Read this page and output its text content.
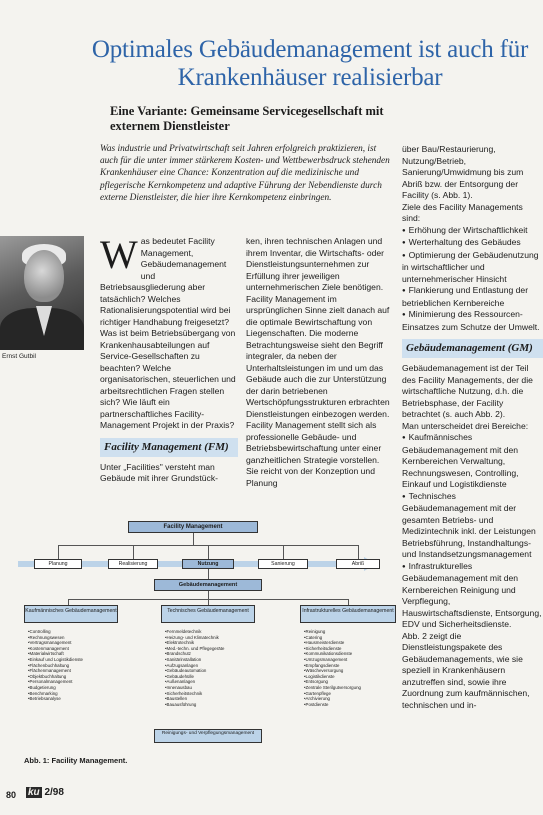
Optimales Gebäudemanagement ist auch für Krankenhäuser realisierbar
Eine Variante: Gemeinsame Servicegesellschaft mit externem Dienstleister
Was industrie und Privatwirtschaft seit Jahren erfolgreich praktizieren, ist auch für die unter immer stärkerem Kosten- und Wettbewerbsdruck stehenden Krankenhäuser eine Chance: Konzentration auf die medizinische und pflegerische Kernkompetenz und adaptive Führung der Nebendienste durch externe Dienstleister, die hier ihre Kernkompetenz einbringen.
Ernst Gutbil
W as bedeutet Facility Management, Gebäudemanagement und Betriebsausgliederung aber tatsächlich? Welches Rationalisierungspotential wird bei richtiger Handhabung freigesetzt? Was ist beim Betriebsübergang von Krankenhausabteilungen auf Service-Gesellschaften zu beachten? Welche organisatorischen, steuerlichen und arbeitsrechtlichen Fragen stellen sich? Wie läuft ein partnerschaftliches Facility-Management Projekt in der Praxis?

Facility Management (FM)

Unter „Facilities" versteht man Gebäude mit ihrer Grundstück-

ken, ihren technischen Anlagen und ihrem Inventar, die Wirtschafts- oder Dienstleistungsunternehmen zur Erfüllung ihrer jeweiligen unternehmerischen Ziele benötigen. Facility Management im ursprünglichen Sinne zielt danach auf die optimale Bewirtschaftung von Liegenschaften. Die moderne Betrachtungsweise sieht den Begriff integraler, da neben der Unterhaltsleistungen im und um das Gebäude auch die zur Unterstützung der darin betriebenen Wertschöpfungsstrukturen erbrachten Dienstleistungen einbezogen werden. Facility Management stellt sich als professionelle Gebäude- und Betriebsbewirtschaftung unter einer ganzheitlichen Strategie vorstellen. Sie reicht von der Konzeption und Planung

über Bau/Restaurierung, Nutzung/Betrieb, Sanierung/Umwidmung bis zum Abriß bzw. der Entsorgung der Facility (s. Abb. 1).

Ziele des Facility Managements sind:

● Erhöhung der Wirtschaftlichkeit

● Werterhaltung des Gebäudes

● Optimierung der Gebäudenutzung in wirtschaftlicher und unternehmerischer Hinsicht

● Flankierung und Entlastung der betrieblichen Kernbereiche

● Minimierung des Ressourcen-Einsatzes zum Schutze der Umwelt.

Gebäudemanagement (GM)

Gebäudemanagement ist der Teil des Facility Managements, der die wirtschaftliche Nutzung, d.h. die Betriebsphase, der Facility betrachtet (s. auch Abb. 2).

Man unterscheidet drei Bereiche:

● Kaufmännisches Gebäudemanagement mit den Kernbereichen Verwaltung, Rechnungswesen, Controlling, Einkauf und Logistikdienste

● Technisches Gebäudemanagement mit der gesamten Betriebs- und Medizintechnik inkl. der Leistungen Betriebsführung, Instandhaltungs- und Instandsetzungsmanagement

● Infrastrukturelles Gebäudemanagement mit den Kernbereichen Reinigung und Verpflegung, Hauswirtschaftsdienste, Entsorgung, EDV und Sicherheitsdienste.

Abb. 2 zeigt die Dienstleistungspakete des Gebäudemanagements, wie sie speziell in Krankenhäusern anzutreffen sind, sowie ihre Zuordnung zum kaufmännischen, technischen und in-

Facility Management
Planung	Realisierung	Nutzung	Sanierung	Abriß
Gebäudemanagement
Kaufmännisches Gebäudemanagement	Technisches Gebäudemanagement	Infrastrukturelles Gebäudemanagement
• Controlling
• Rechnungswesen
• Vertragsmanagement
• Kostenmanagement
• Materialwirtschaft
• Einkauf und Logistikdienste
• Flächenbuchhaltung
• Flächenmanagement
• Objektbuchhaltung
• Personalmanagement
• Budgetierung
• Benchmarking
• Betriebsanalyse
• Fernmeldetechnik
• Heizung- und Klimatechnik
• Elektrotechnik
• Med.-techn. und Pflegegeräte
• Brandschutz
• Sanitärinstallation
• Aufzugsanlagen
• Gebäudeautomation
• Gebäudehülle
• Außenanlagen
• Innenausbau
• Sicherheitstechnik
• Baustellen
• Bauausführung
• Reinigung
• Catering
• Hausmeisterdienste
• Sicherheitsdienste
• Kommunikationsdienste
• Umzugsmanagement
• Empfangsdienste
• Wäscheversorgung
• Logistikdienste
• Entsorgung
• Zentrale Sterilgutversorgung
• Gartenpflege
• Archivierung
• Postdienste
Reinigungs- und Verpflegungsmanagement
Abb. 1: Facility Management.
80 ku 2/98
